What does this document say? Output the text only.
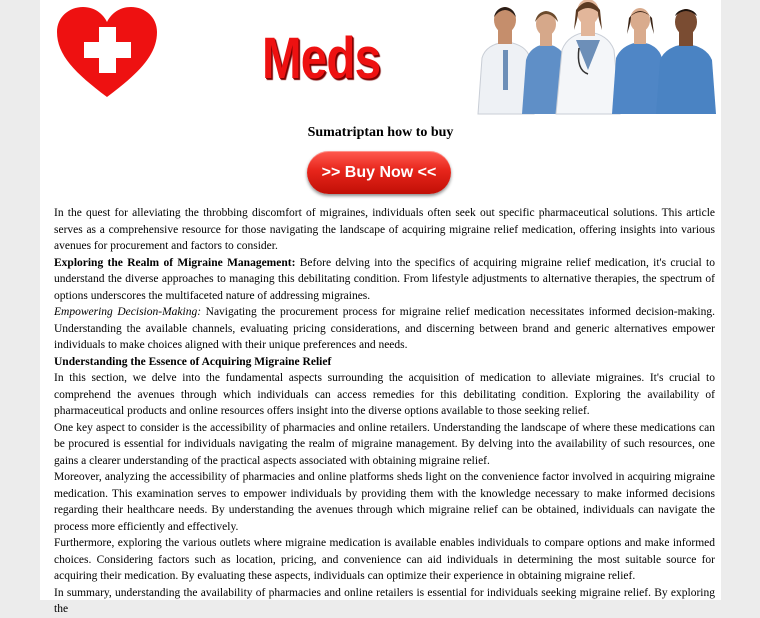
Meds
Sumatriptan how to buy
>> Buy Now <<

In the quest for alleviating the throbbing discomfort of migraines, individuals often seek out specific pharmaceutical solutions. This article serves as a comprehensive resource for those navigating the landscape of acquiring migraine relief medication, offering insights into various avenues for procurement and factors to consider.

Exploring the Realm of Migraine Management: Before delving into the specifics of acquiring migraine relief medication, it's crucial to understand the diverse approaches to managing this debilitating condition. From lifestyle adjustments to alternative therapies, the spectrum of options underscores the multifaceted nature of addressing migraines.

Empowering Decision-Making: Navigating the procurement process for migraine relief medication necessitates informed decision-making. Understanding the available channels, evaluating pricing considerations, and discerning between brand and generic alternatives empower individuals to make choices aligned with their unique preferences and needs.

Understanding the Essence of Acquiring Migraine Relief

In this section, we delve into the fundamental aspects surrounding the acquisition of medication to alleviate migraines. It's crucial to comprehend the avenues through which individuals can access remedies for this debilitating condition. Exploring the availability of pharmaceutical products and online resources offers insight into the diverse options available to those seeking relief.

One key aspect to consider is the accessibility of pharmacies and online retailers. Understanding the landscape of where these medications can be procured is essential for individuals navigating the realm of migraine management. By delving into the availability of such resources, one gains a clearer understanding of the practical aspects associated with obtaining migraine relief.

Moreover, analyzing the accessibility of pharmacies and online platforms sheds light on the convenience factor involved in acquiring migraine medication. This examination serves to empower individuals by providing them with the knowledge necessary to make informed decisions regarding their healthcare needs. By understanding the avenues through which migraine relief can be obtained, individuals can navigate the process more efficiently and effectively.

Furthermore, exploring the various outlets where migraine medication is available enables individuals to compare options and make informed choices. Considering factors such as location, pricing, and convenience can aid individuals in determining the most suitable source for acquiring their medication. By evaluating these aspects, individuals can optimize their experience in obtaining migraine relief.

In summary, understanding the availability of pharmacies and online retailers is essential for individuals seeking migraine relief. By exploring the
